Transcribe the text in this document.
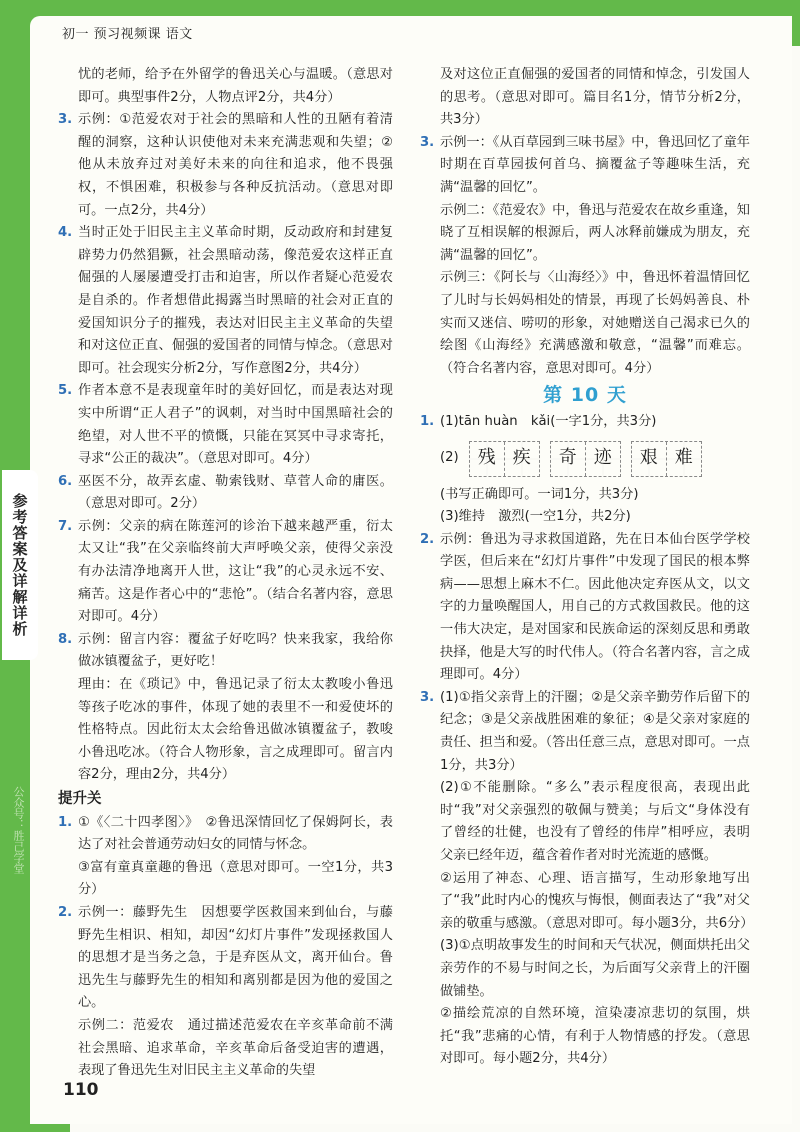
初一 预习视频课 语文
参考答案及详解详析
公众号：胜己学堂

忧的老师，给予在外留学的鲁迅关心与温暖。（意思对即可。典型事件2分，人物点评2分，共4分）

3. 示例：①范爱农对于社会的黑暗和人性的丑陋有着清醒的洞察，这种认识使他对未来充满悲观和失望；②他从未放弃过对美好未来的向往和追求，他不畏强权，不惧困难，积极参与各种反抗活动。（意思对即可。一点2分，共4分）

4. 当时正处于旧民主主义革命时期，反动政府和封建复辟势力仍然猖獗，社会黑暗动荡，像范爱农这样正直倔强的人屡屡遭受打击和迫害，所以作者疑心范爱农是自杀的。作者想借此揭露当时黑暗的社会对正直的爱国知识分子的摧残，表达对旧民主主义革命的失望和对这位正直、倔强的爱国者的同情与悼念。（意思对即可。社会现实分析2分，写作意图2分，共4分）

5. 作者本意不是表现童年时的美好回忆，而是表达对现实中所谓“正人君子”的讽刺，对当时中国黑暗社会的绝望，对人世不平的愤慨，只能在冥冥中寻求寄托，寻求“公正的裁决”。（意思对即可。4分）

6. 巫医不分，故弄玄虚、勒索钱财、草菅人命的庸医。（意思对即可。2分）

7. 示例：父亲的病在陈莲河的诊治下越来越严重，衍太太又让“我”在父亲临终前大声呼唤父亲，使得父亲没有办法清净地离开人世，这让“我”的心灵永远不安、痛苦。这是作者心中的“悲怆”。（结合名著内容，意思对即可。4分）

8. 示例：留言内容：覆盆子好吃吗？快来我家，我给你做冰镇覆盆子，更好吃！

理由：在《琐记》中，鲁迅记录了衍太太教唆小鲁迅等孩子吃冰的事件，体现了她的表里不一和爱使坏的性格特点。因此衍太太会给鲁迅做冰镇覆盆子，教唆小鲁迅吃冰。（符合人物形象，言之成理即可。留言内容2分，理由2分，共4分）

提升关

1. ①《〈二十四孝图〉》　②鲁迅深情回忆了保姆阿长，表达了对社会普通劳动妇女的同情与怀念。

③富有童真童趣的鲁迅（意思对即可。一空1分，共3分）

2. 示例一：藤野先生　因想要学医救国来到仙台，与藤野先生相识、相知，却因“幻灯片事件”发现拯救国人的思想才是当务之急，于是弃医从文，离开仙台。鲁迅先生与藤野先生的相知和离别都是因为他的爱国之心。

示例二：范爱农　通过描述范爱农在辛亥革命前不满社会黑暗、追求革命，辛亥革命后备受迫害的遭遇，表现了鲁迅先生对旧民主主义革命的失望

及对这位正直倔强的爱国者的同情和悼念，引发国人的思考。（意思对即可。篇目名1分，情节分析2分，共3分）

3. 示例一：《从百草园到三味书屋》中，鲁迅回忆了童年时期在百草园拔何首乌、摘覆盆子等趣味生活，充满“温馨的回忆”。

示例二：《范爱农》中，鲁迅与范爱农在故乡重逢，知晓了互相误解的根源后，两人冰释前嫌成为朋友，充满“温馨的回忆”。

示例三：《阿长与〈山海经〉》中，鲁迅怀着温情回忆了儿时与长妈妈相处的情景，再现了长妈妈善良、朴实而又迷信、唠叨的形象，对她赠送自己渴求已久的绘图《山海经》充满感激和敬意，“温馨”而难忘。（符合名著内容，意思对即可。4分）

第 10 天
1. (1)tān huàn　kǎi(一字1分，共3分)

(2)	残 疾	奇 迹	艰 难

(书写正确即可。一词1分，共3分)

(3)维持　激烈(一空1分，共2分)

2. 示例：鲁迅为寻求救国道路，先在日本仙台医学学校学医，但后来在“幻灯片事件”中发现了国民的根本弊病——思想上麻木不仁。因此他决定弃医从文，以文字的力量唤醒国人，用自己的方式救国救民。他的这一伟大决定，是对国家和民族命运的深刻反思和勇敢抉择，他是大写的时代伟人。（符合名著内容，言之成理即可。4分）

3. (1)①指父亲背上的汗圈；②是父亲辛勤劳作后留下的纪念；③是父亲战胜困难的象征；④是父亲对家庭的责任、担当和爱。（答出任意三点，意思对即可。一点1分，共3分）

(2)①不能删除。“多么”表示程度很高，表现出此时“我”对父亲强烈的敬佩与赞美；与后文“身体没有了曾经的壮健，也没有了曾经的伟岸”相呼应，表明父亲已经年迈，蕴含着作者对时光流逝的感慨。

②运用了神态、心理、语言描写，生动形象地写出了“我”此时内心的愧疚与悔恨，侧面表达了“我”对父亲的敬重与感激。（意思对即可。每小题3分，共6分）

(3)①点明故事发生的时间和天气状况，侧面烘托出父亲劳作的不易与时间之长，为后面写父亲背上的汗圈做铺垫。

②描绘荒凉的自然环境，渲染凄凉悲切的氛围，烘托“我”悲痛的心情，有利于人物情感的抒发。（意思对即可。每小题2分，共4分）

110
